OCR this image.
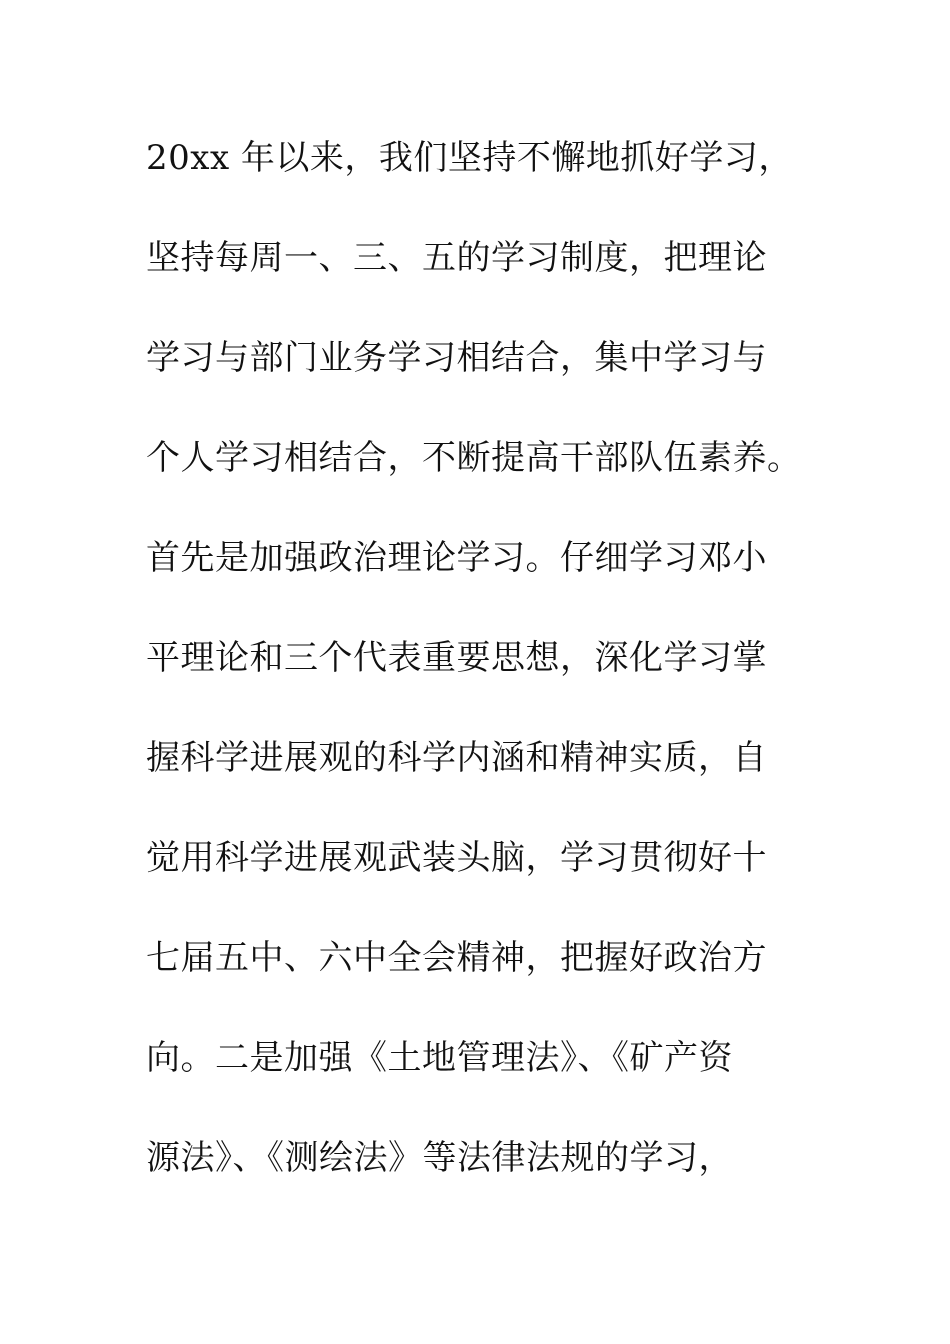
20xx 年以来，我们坚持不懈地抓好学习，
坚持每周一、三、五的学习制度，把理论
学习与部门业务学习相结合，集中学习与
个人学习相结合，不断提高干部队伍素养。
首先是加强政治理论学习。仔细学习邓小
平理论和三个代表重要思想，深化学习掌
握科学进展观的科学内涵和精神实质，自
觉用科学进展观武装头脑，学习贯彻好十
七届五中、六中全会精神，把握好政治方
向。二是加强《土地管理法》、《矿产资
源法》、《测绘法》等法律法规的学习，
